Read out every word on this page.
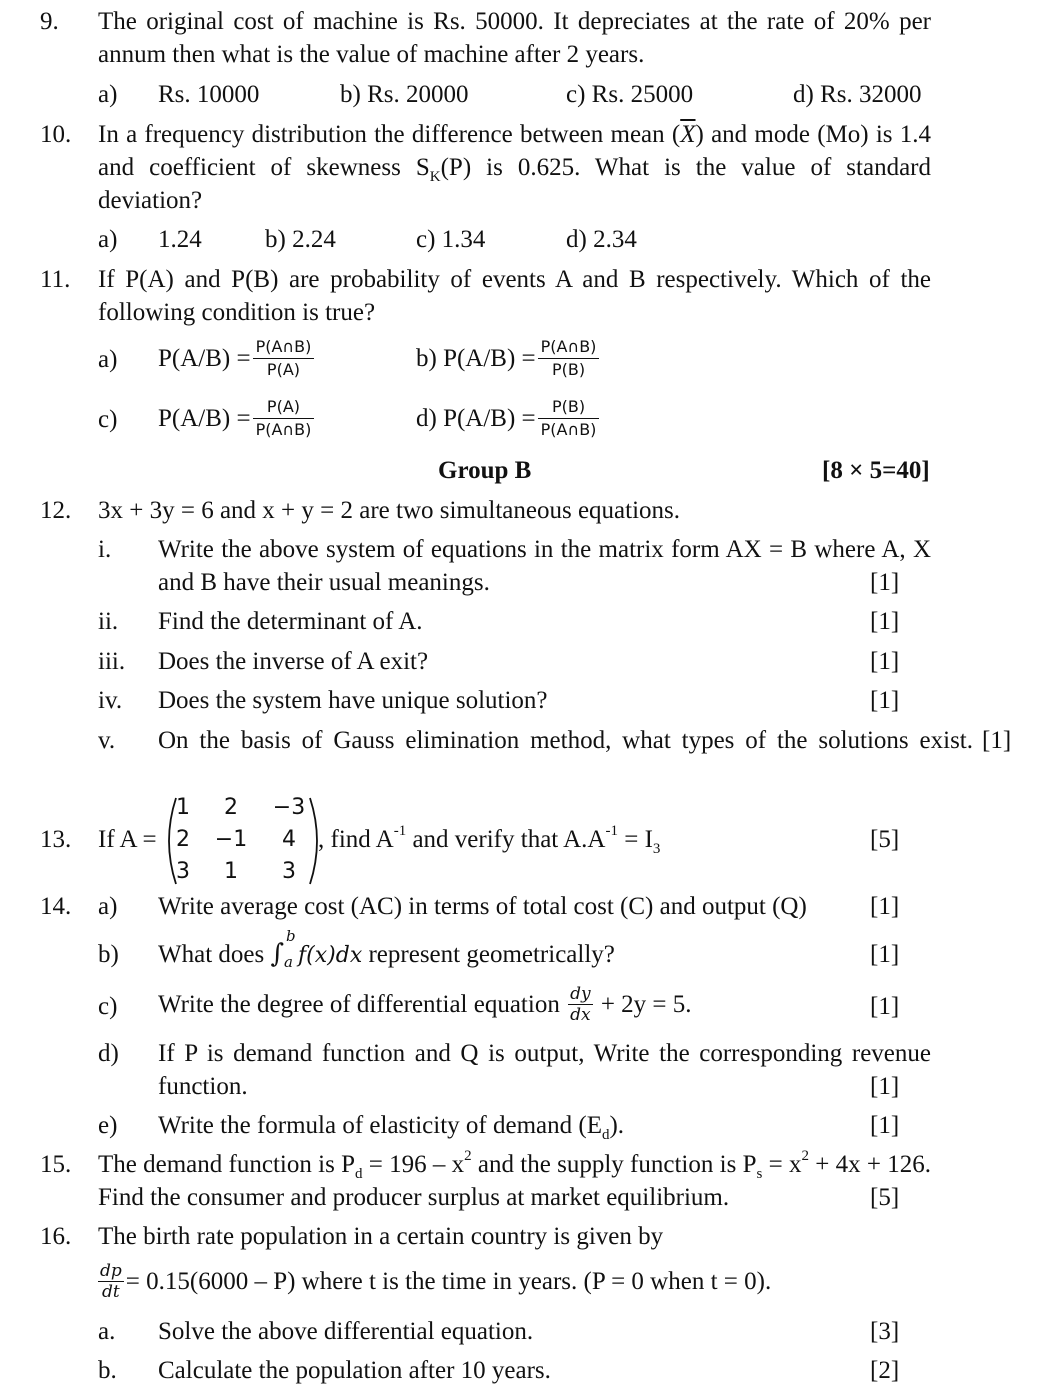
9. The original cost of machine is Rs. 50000. It depreciates at the rate of 20% per
annum then what is the value of machine after 2 years.
a) Rs. 10000	b) Rs. 20000	c) Rs. 25000	d) Rs. 32000
10. In a frequency distribution the difference between mean $(\overline{X})$ and mode (Mo) is 1.4
and coefficient of skewness $S_K(P)$ is 0.625. What is the value of standard
deviation?
a) 1.24	b) 2.24	c) 1.34	d) 2.34
11. If P(A) and P(B) are probability of events A and B respectively. Which of the
following condition is true?
a) $P(A/B) = \frac{P(A\cap B)}{P(A)}$	b) $P(A/B) = \frac{P(A\cap B)}{P(B)}$
c) $P(A/B) = \frac{P(A)}{P(A\cap B)}$	d) $P(A/B) = \frac{P(B)}{P(A\cap B)}$
Group B	[8 × 5=40]
12. 3x + 3y = 6 and x + y = 2 are two simultaneous equations.
i. Write the above system of equations in the matrix form AX = B where A, X
and B have their usual meanings.	[1]
ii. Find the determinant of A.	[1]
iii. Does the inverse of A exit?	[1]
iv. Does the system have unique solution?	[1]
v. On the basis of Gauss elimination method, what types of the solutions exist. [1]
13. If A =
1	2	−3
2	−1	4
3	1	3
, find $A^{-1}$ and verify that $A.A^{-1} = I_3$	[5]
14. a) Write average cost (AC) in terms of total cost (C) and output (Q)	[1]
b) What does ∫
b
a f(x)dx represent geometrically?	[1]
c) Write the degree of differential equation $\frac{dy}{dx} + 2y = 5$.	[1]
d) If P is demand function and Q is output, Write the corresponding revenue
function.	[1]
e) Write the formula of elasticity of demand $(E_d)$.	[1]
15. The demand function is $P_d = 196 - x^2$ and the supply function is $P_s = x^2 + 4x + 126$.
Find the consumer and producer surplus at market equilibrium.	[5]
16. The birth rate population in a certain country is given by
$\frac{dp}{dt} = 0.15(6000 - P)$ where t is the time in years. (P = 0 when t = 0).
a. Solve the above differential equation.	[3]
b. Calculate the population after 10 years.	[2]
